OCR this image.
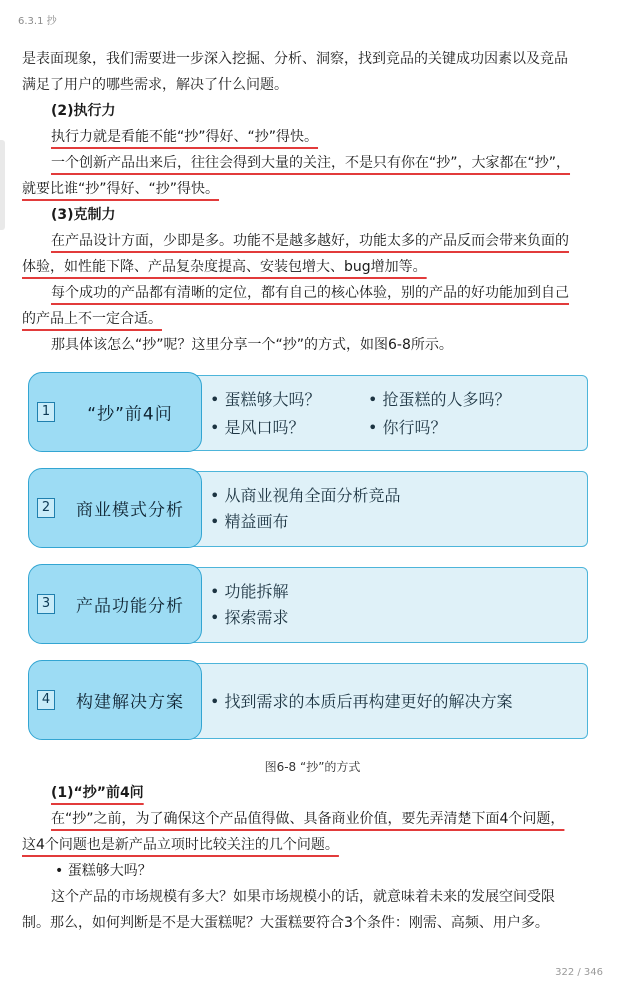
6.3.1 抄
是表面现象，我们需要进一步深入挖掘、分析、洞察，找到竞品的关键成功因素以及竞品
满足了用户的哪些需求，解决了什么问题。
(2)执行力
执行力就是看能不能“抄”得好、“抄”得快。
一个创新产品出来后，往往会得到大量的关注，不是只有你在“抄”，大家都在“抄”，
就要比谁“抄”得好、“抄”得快。
(3)克制力
在产品设计方面，少即是多。功能不是越多越好，功能太多的产品反而会带来负面的
体验，如性能下降、产品复杂度提高、安装包增大、bug增加等。
每个成功的产品都有清晰的定位，都有自己的核心体验，别的产品的好功能加到自己
的产品上不一定合适。
那具体该怎么“抄”呢？这里分享一个“抄”的方式，如图6-8所示。
1	“抄”前4问
• 蛋糕够大吗？
• 是风口吗？
• 抢蛋糕的人多吗？
• 你行吗？
2	商业模式分析
• 从商业视角全面分析竞品
• 精益画布
3	产品功能分析
• 功能拆解
• 探索需求
4	构建解决方案	• 找到需求的本质后再构建更好的解决方案
图6-8 “抄”的方式
(1)“抄”前4问
在“抄”之前，为了确保这个产品值得做、具备商业价值，要先弄清楚下面4个问题，
这4个问题也是新产品立项时比较关注的几个问题。
• 蛋糕够大吗？
这个产品的市场规模有多大？如果市场规模小的话，就意味着未来的发展空间受限
制。那么，如何判断是不是大蛋糕呢？大蛋糕要符合3个条件：刚需、高频、用户多。
322 / 346
